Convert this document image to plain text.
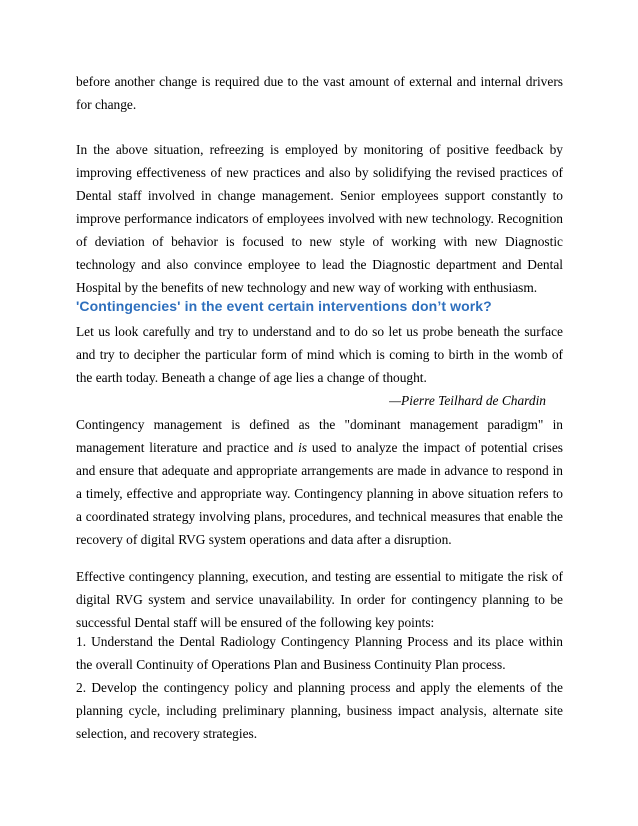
before another change is required due to the vast amount of external and internal drivers for change.

In the above situation, refreezing is employed by monitoring of positive feedback by improving effectiveness of new practices and also by solidifying the revised practices of Dental staff involved in change management. Senior employees support constantly to improve performance indicators of employees involved with new technology. Recognition of deviation of behavior is focused to new style of working with new Diagnostic technology and also convince employee to lead the Diagnostic department and Dental Hospital by the benefits of new technology and new way of working with enthusiasm.

'Contingencies' in the event certain interventions don’t work?

Let us look carefully and try to understand and to do so let us probe beneath the surface and try to decipher the particular form of mind which is coming to birth in the womb of the earth today. Beneath a change of age lies a change of thought.

—Pierre Teilhard de Chardin

Contingency management is defined as the "dominant management paradigm" in management literature and practice and is used to analyze the impact of potential crises and ensure that adequate and appropriate arrangements are made in advance to respond in a timely, effective and appropriate way. Contingency planning in above situation refers to a coordinated strategy involving plans, procedures, and technical measures that enable the recovery of digital RVG system operations and data after a disruption.

Effective contingency planning, execution, and testing are essential to mitigate the risk of digital RVG system and service unavailability. In order for contingency planning to be successful Dental staff will be ensured of the following key points:

1. Understand the Dental Radiology Contingency Planning Process and its place within the overall Continuity of Operations Plan and Business Continuity Plan process.

2. Develop the contingency policy and planning process and apply the elements of the planning cycle, including preliminary planning, business impact analysis, alternate site selection, and recovery strategies.
